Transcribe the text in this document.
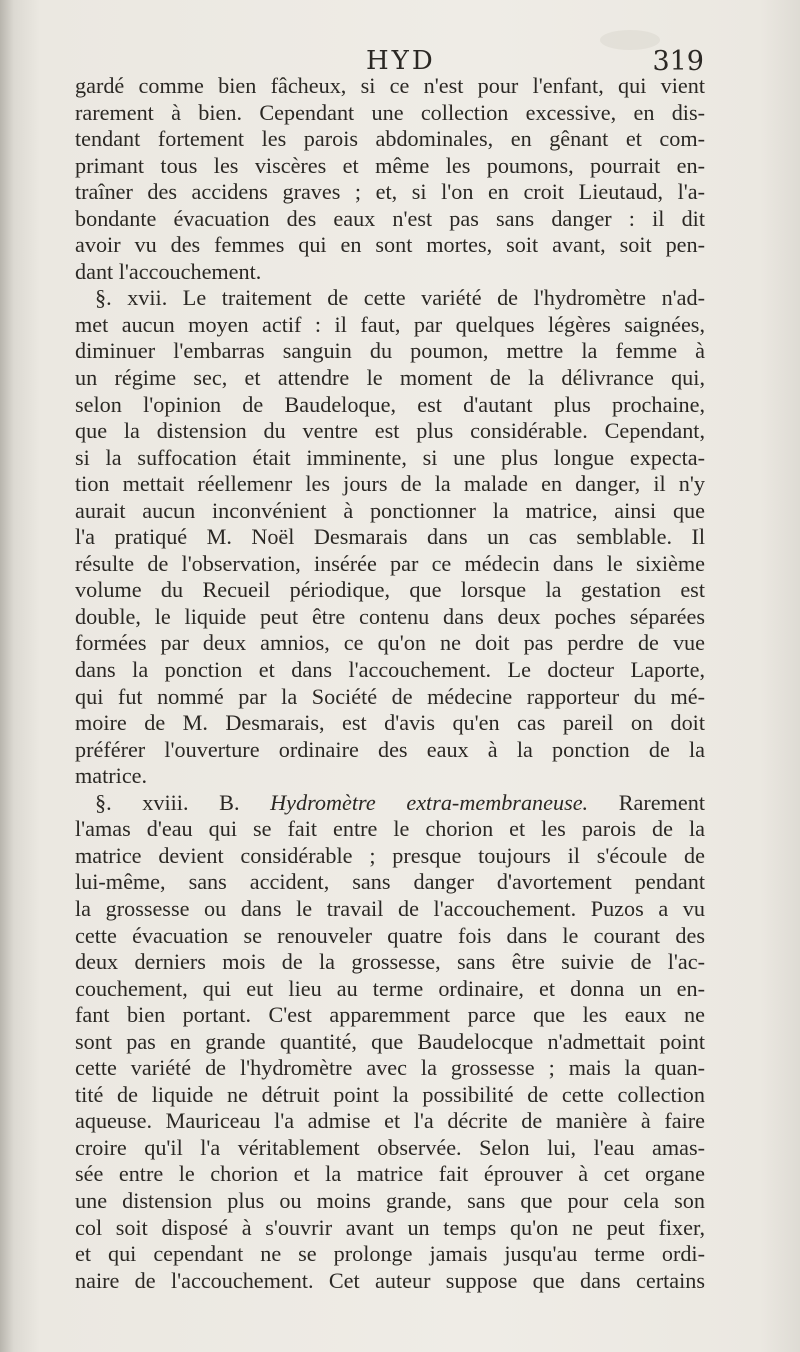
HYD	319
gardé comme bien fâcheux, si ce n'est pour l'enfant, qui vient
rarement à bien. Cependant une collection excessive, en dis-
tendant fortement les parois abdominales, en gênant et com-
primant tous les viscères et même les poumons, pourrait en-
traîner des accidens graves ; et, si l'on en croit Lieutaud, l'a-
bondante évacuation des eaux n'est pas sans danger : il dit
avoir vu des femmes qui en sont mortes, soit avant, soit pen-
dant l'accouchement.
§. xvii. Le traitement de cette variété de l'hydromètre n'ad-
met aucun moyen actif : il faut, par quelques légères saignées,
diminuer l'embarras sanguin du poumon, mettre la femme à
un régime sec, et attendre le moment de la délivrance qui,
selon l'opinion de Baudeloque, est d'autant plus prochaine,
que la distension du ventre est plus considérable. Cependant,
si la suffocation était imminente, si une plus longue expecta-
tion mettait réellemenr les jours de la malade en danger, il n'y
aurait aucun inconvénient à ponctionner la matrice, ainsi que
l'a pratiqué M. Noël Desmarais dans un cas semblable. Il
résulte de l'observation, insérée par ce médecin dans le sixième
volume du Recueil périodique, que lorsque la gestation est
double, le liquide peut être contenu dans deux poches séparées
formées par deux amnios, ce qu'on ne doit pas perdre de vue
dans la ponction et dans l'accouchement. Le docteur Laporte,
qui fut nommé par la Société de médecine rapporteur du mé-
moire de M. Desmarais, est d'avis qu'en cas pareil on doit
préférer l'ouverture ordinaire des eaux à la ponction de la
matrice.
§. xviii. B. Hydromètre extra-membraneuse. Rarement
l'amas d'eau qui se fait entre le chorion et les parois de la
matrice devient considérable ; presque toujours il s'écoule de
lui-même, sans accident, sans danger d'avortement pendant
la grossesse ou dans le travail de l'accouchement. Puzos a vu
cette évacuation se renouveler quatre fois dans le courant des
deux derniers mois de la grossesse, sans être suivie de l'ac-
couchement, qui eut lieu au terme ordinaire, et donna un en-
fant bien portant. C'est apparemment parce que les eaux ne
sont pas en grande quantité, que Baudelocque n'admettait point
cette variété de l'hydromètre avec la grossesse ; mais la quan-
tité de liquide ne détruit point la possibilité de cette collection
aqueuse. Mauriceau l'a admise et l'a décrite de manière à faire
croire qu'il l'a véritablement observée. Selon lui, l'eau amas-
sée entre le chorion et la matrice fait éprouver à cet organe
une distension plus ou moins grande, sans que pour cela son
col soit disposé à s'ouvrir avant un temps qu'on ne peut fixer,
et qui cependant ne se prolonge jamais jusqu'au terme ordi-
naire de l'accouchement. Cet auteur suppose que dans certains
